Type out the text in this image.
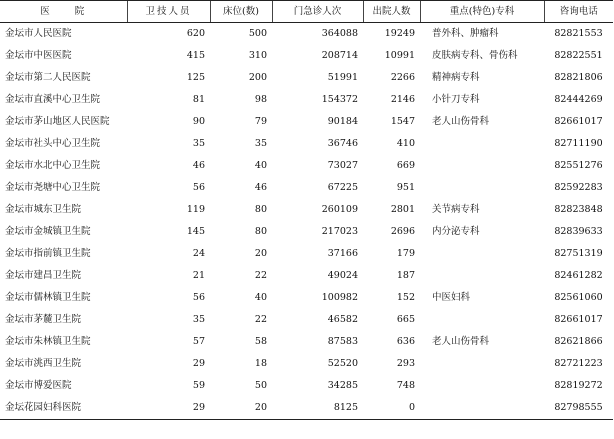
医　　院	卫技人员	床位(数)	门急诊人次	出院人数	重点(特色)专科	咨询电话
金坛市人民医院	620	500	364088	19249	普外科、肿瘤科	82821553
金坛市中医医院	415	310	208714	10991	皮肤病专科、骨伤科	82822551
金坛市第二人民医院	125	200	51991	2266	精神病专科	82821806
金坛市直溪中心卫生院	81	98	154372	2146	小针刀专科	82444269
金坛市茅山地区人民医院	90	79	90184	1547	老人山伤骨科	82661017
金坛市社头中心卫生院	35	35	36746	410		82711190
金坛市水北中心卫生院	46	40	73027	669		82551276
金坛市尧塘中心卫生院	56	46	67225	951		82592283
金坛市城东卫生院	119	80	260109	2801	关节病专科	82823848
金坛市金城镇卫生院	145	80	217023	2696	内分泌专科	82839633
金坛市指前镇卫生院	24	20	37166	179		82751319
金坛市建昌卫生院	21	22	49024	187		82461282
金坛市儒林镇卫生院	56	40	100982	152	中医妇科	82561060
金坛市茅麓卫生院	35	22	46582	665		82661017
金坛市朱林镇卫生院	57	58	87583	636	老人山伤骨科	82621866
金坛市洮西卫生院	29	18	52520	293		82721223
金坛市博爱医院	59	50	34285	748		82819272
金坛花园妇科医院	29	20	8125	0		82798555
